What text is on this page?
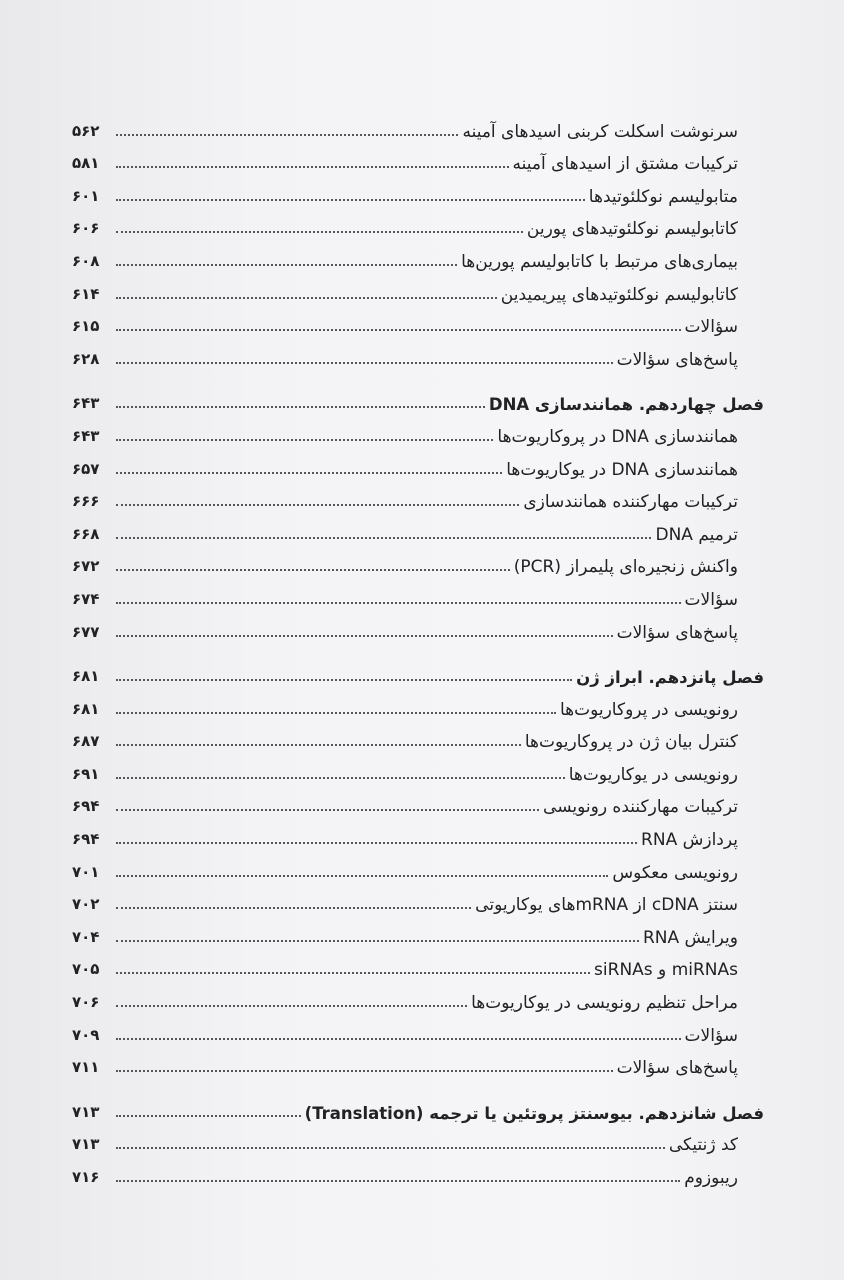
۵۶۲	سرنوشت اسکلت کربنی اسیدهای آمینه
۵۸۱	ترکیبات مشتق از اسیدهای آمینه
۶۰۱	متابولیسم نوکلئوتیدها
۶۰۶	کاتابولیسم نوکلئوتیدهای پورین
۶۰۸	بیماری‌های مرتبط با کاتابولیسم پورین‌ها
۶۱۴	کاتابولیسم نوکلئوتیدهای پیریمیدین
۶۱۵	سؤالات
۶۲۸	پاسخ‌های سؤالات
۶۴۳	فصل چهاردهم. همانندسازی DNA
۶۴۳	همانندسازی DNA در پروکاریوت‌ها
۶۵۷	همانندسازی DNA در یوکاریوت‌ها
۶۶۶	ترکیبات مهارکننده همانندسازی
۶۶۸	ترمیم DNA
۶۷۲	واکنش زنجیره‌ای پلیمراز (PCR)
۶۷۴	سؤالات
۶۷۷	پاسخ‌های سؤالات
۶۸۱	فصل پانزدهم. ابراز ژن
۶۸۱	رونویسی در پروکاریوت‌ها
۶۸۷	کنترل بیان ژن در پروکاریوت‌ها
۶۹۱	رونویسی در یوکاریوت‌ها
۶۹۴	ترکیبات مهارکننده رونویسی
۶۹۴	پردازش RNA
۷۰۱	رونویسی معکوس
۷۰۲	سنتز cDNA از mRNAهای یوکاریوتی
۷۰۴	ویرایش RNA
۷۰۵	miRNAs و siRNAs
۷۰۶	مراحل تنظیم رونویسی در یوکاریوت‌ها
۷۰۹	سؤالات
۷۱۱	پاسخ‌های سؤالات
۷۱۳	فصل شانزدهم. بیوسنتز پروتئین یا ترجمه (Translation)
۷۱۳	کد ژنتیکی
۷۱۶	ریبوزوم
